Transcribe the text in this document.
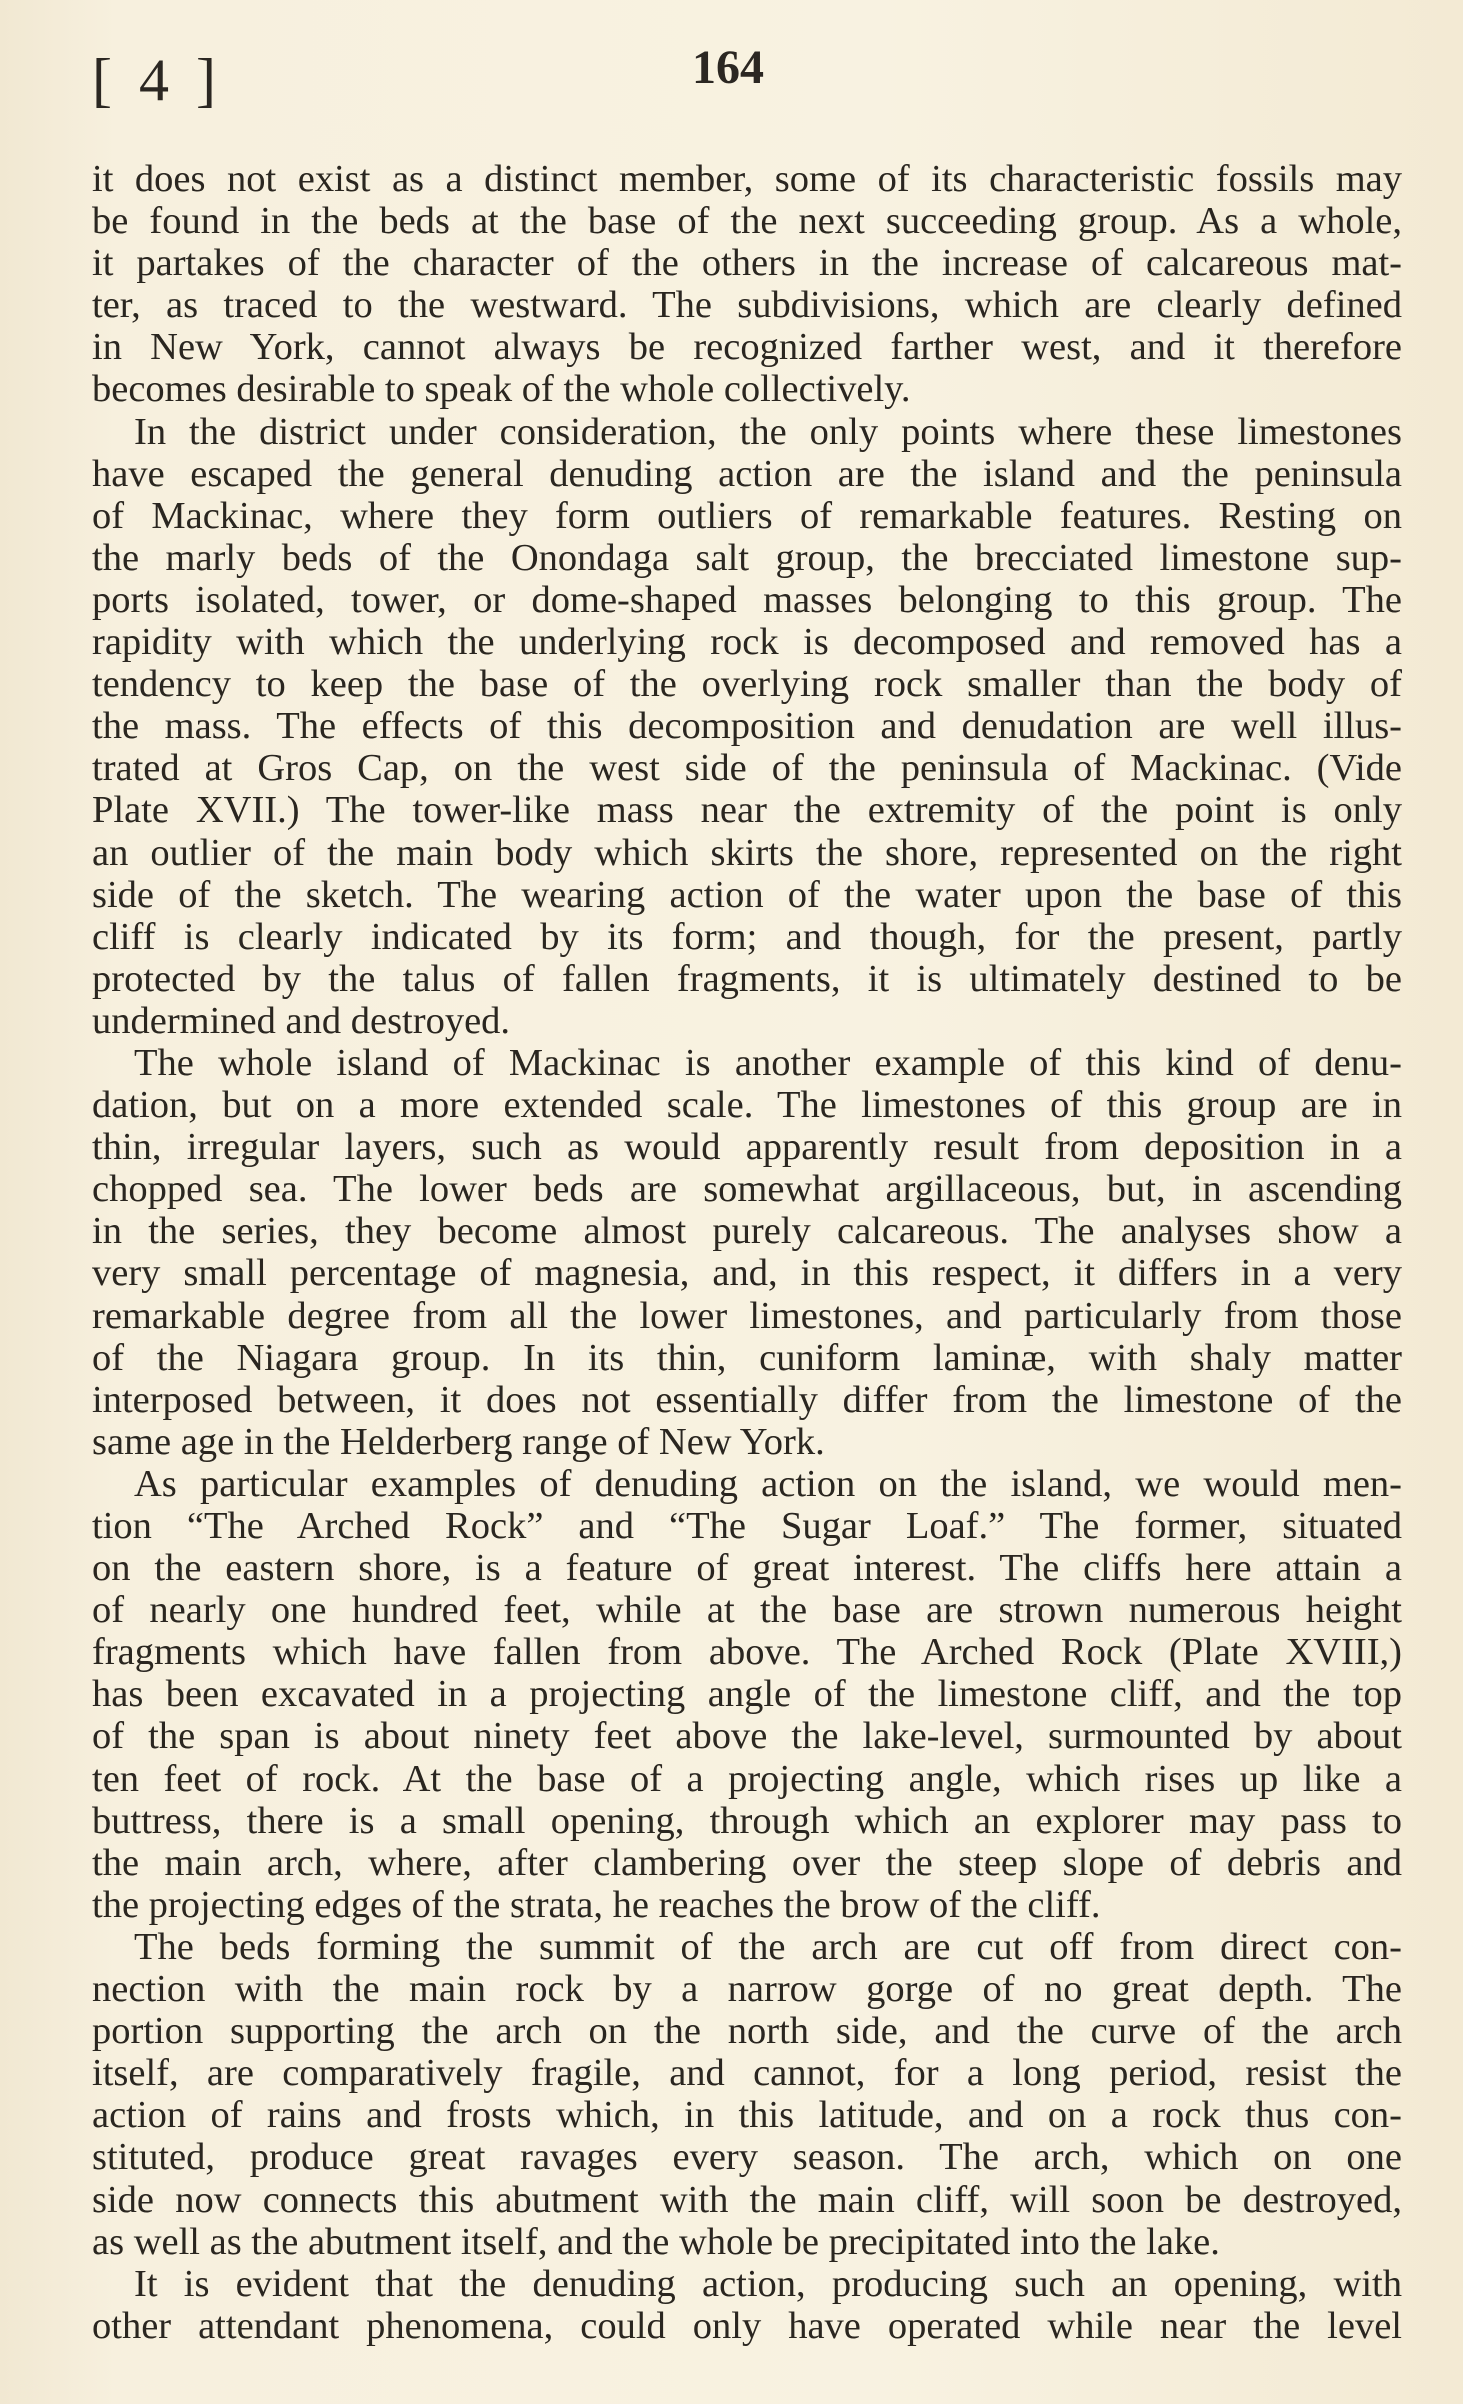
[ 4 ]	164
it does not exist as a distinct member, some of its characteristic fossils may
be found in the beds at the base of the next succeeding group. As a whole,
it partakes of the character of the others in the increase of calcareous mat-
ter, as traced to the westward. The subdivisions, which are clearly defined
in New York, cannot always be recognized farther west, and it therefore
becomes desirable to speak of the whole collectively.
In the district under consideration, the only points where these limestones
have escaped the general denuding action are the island and the peninsula
of Mackinac, where they form outliers of remarkable features. Resting on
the marly beds of the Onondaga salt group, the brecciated limestone sup-
ports isolated, tower, or dome-shaped masses belonging to this group. The
rapidity with which the underlying rock is decomposed and removed has a
tendency to keep the base of the overlying rock smaller than the body of
the mass. The effects of this decomposition and denudation are well illus-
trated at Gros Cap, on the west side of the peninsula of Mackinac. (Vide
Plate XVII.) The tower-like mass near the extremity of the point is only
an outlier of the main body which skirts the shore, represented on the right
side of the sketch. The wearing action of the water upon the base of this
cliff is clearly indicated by its form; and though, for the present, partly
protected by the talus of fallen fragments, it is ultimately destined to be
undermined and destroyed.
The whole island of Mackinac is another example of this kind of denu-
dation, but on a more extended scale. The limestones of this group are in
thin, irregular layers, such as would apparently result from deposition in a
chopped sea. The lower beds are somewhat argillaceous, but, in ascending
in the series, they become almost purely calcareous. The analyses show a
very small percentage of magnesia, and, in this respect, it differs in a very
remarkable degree from all the lower limestones, and particularly from those
of the Niagara group. In its thin, cuniform laminæ, with shaly matter
interposed between, it does not essentially differ from the limestone of the
same age in the Helderberg range of New York.
As particular examples of denuding action on the island, we would men-
tion “The Arched Rock” and “The Sugar Loaf.” The former, situated
on the eastern shore, is a feature of great interest. The cliffs here attain a
of nearly one hundred feet, while at the base are strown numerous height
fragments which have fallen from above. The Arched Rock (Plate XVIII,)
has been excavated in a projecting angle of the limestone cliff, and the top
of the span is about ninety feet above the lake-level, surmounted by about
ten feet of rock. At the base of a projecting angle, which rises up like a
buttress, there is a small opening, through which an explorer may pass to
the main arch, where, after clambering over the steep slope of debris and
the projecting edges of the strata, he reaches the brow of the cliff.
The beds forming the summit of the arch are cut off from direct con-
nection with the main rock by a narrow gorge of no great depth. The
portion supporting the arch on the north side, and the curve of the arch
itself, are comparatively fragile, and cannot, for a long period, resist the
action of rains and frosts which, in this latitude, and on a rock thus con-
stituted, produce great ravages every season. The arch, which on one
side now connects this abutment with the main cliff, will soon be destroyed,
as well as the abutment itself, and the whole be precipitated into the lake.
It is evident that the denuding action, producing such an opening, with
other attendant phenomena, could only have operated while near the level
